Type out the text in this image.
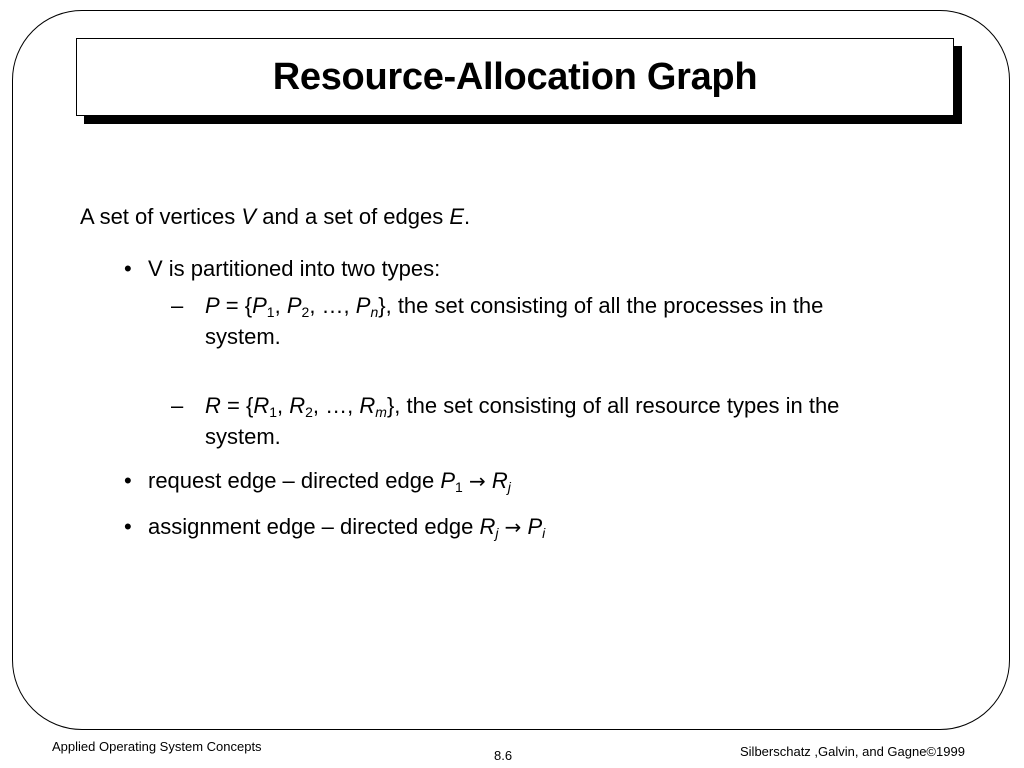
Resource-Allocation Graph
A set of vertices V and a set of edges E.
• V is partitioned into two types:
– $P = \{P_1$, $P_2$, …, $P_n$}, the set consisting of all the processes in the system.
– $R = \{R_1$, $R_2$, …, $R_m$}, the set consisting of all resource types in the system.
• request edge – directed edge $P_1 \to R_j$
• assignment edge – directed edge $R_j \to P_i$
Applied Operating System Concepts
8.6	Silberschatz ,Galvin, and Gagne©1999
